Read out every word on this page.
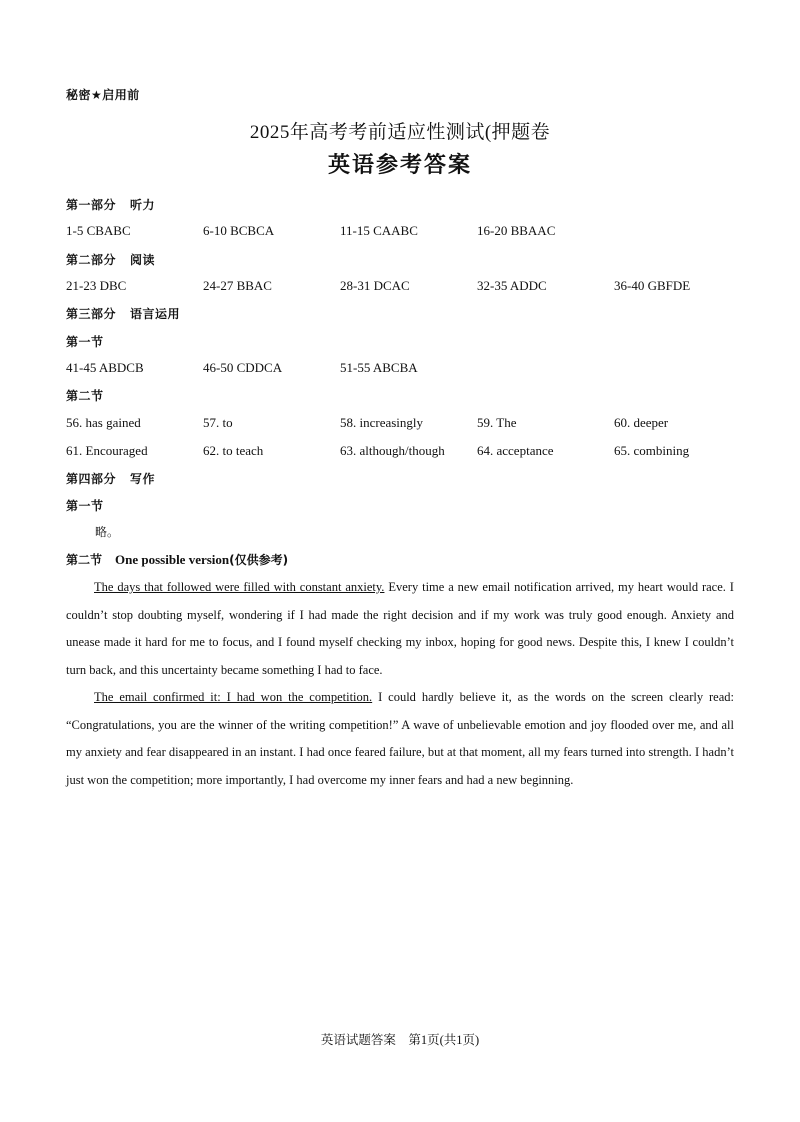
秘密★启用前
2025年高考考前适应性测试(押题卷
英语参考答案
第一部分 听力
1-5 CBABC	6-10 BCBCA	11-15 CAABC	16-20 BBAAC
第二部分 阅读
21-23 DBC	24-27 BBAC	28-31 DCAC	32-35 ADDC	36-40 GBFDE
第三部分 语言运用
第一节
41-45 ABDCB	46-50 CDDCA	51-55 ABCBA
第二节
56. has gained	57. to	58. increasingly	59. The	60. deeper
61. Encouraged	62. to teach	63. although/though 64. acceptance	65. combining
第四部分 写作
第一节
略。
第二节 One possible version(仅供参考)

The days that followed were filled with constant anxiety. Every time a new email notification arrived, my heart would race. I couldn’t stop doubting myself, wondering if I had made the right decision and if my work was truly good enough. Anxiety and unease made it hard for me to focus, and I found myself checking my inbox, hoping for good news. Despite this, I knew I couldn’t turn back, and this uncertainty became something I had to face.

The email confirmed it: I had won the competition. I could hardly believe it, as the words on the screen clearly read: “Congratulations, you are the winner of the writing competition!” A wave of unbelievable emotion and joy flooded over me, and all my anxiety and fear disappeared in an instant. I had once feared failure, but at that moment, all my fears turned into strength. I hadn’t just won the competition; more importantly, I had overcome my inner fears and had a new beginning.

英语试题答案　第1页(共1页)
